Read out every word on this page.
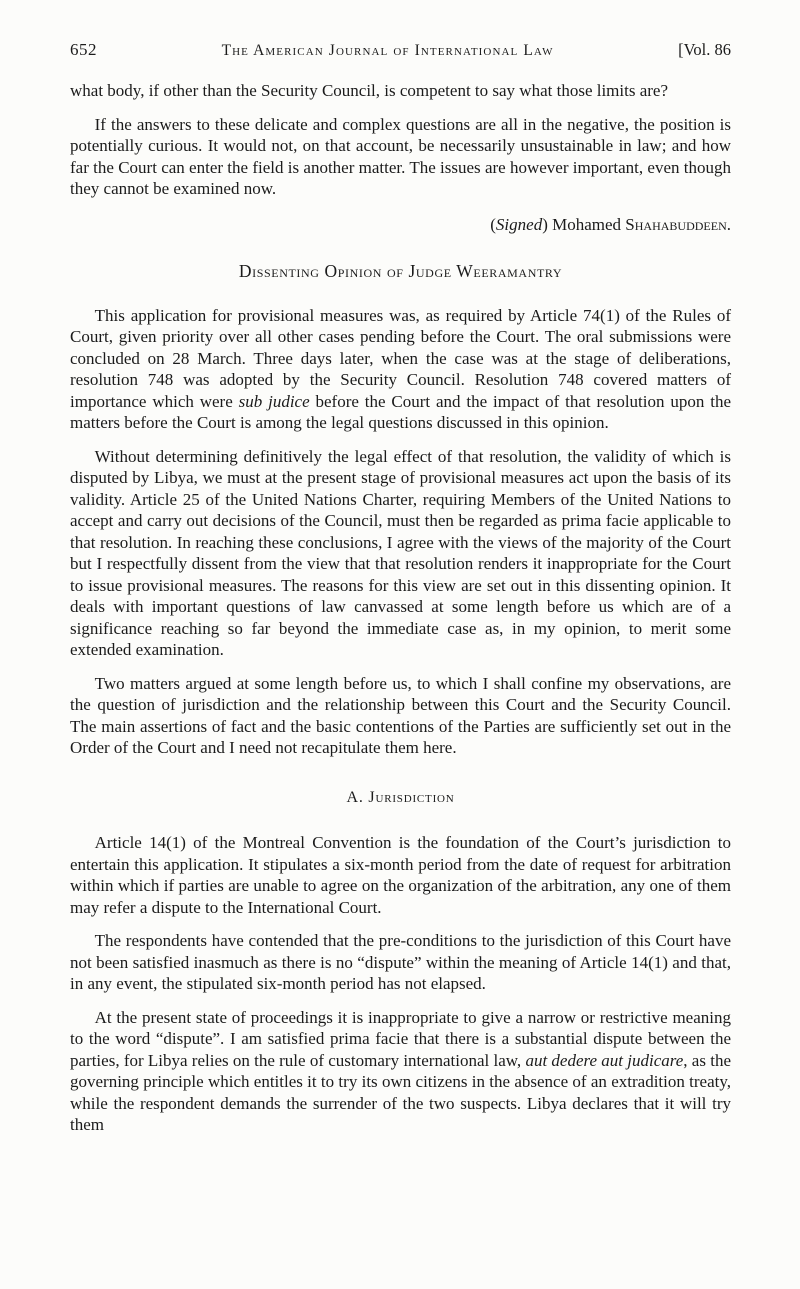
652	The American Journal of International Law	[Vol. 86

what body, if other than the Security Council, is competent to say what those limits are?

If the answers to these delicate and complex questions are all in the negative, the position is potentially curious. It would not, on that account, be necessarily unsustainable in law; and how far the Court can enter the field is another matter. The issues are however important, even though they cannot be examined now.

(Signed) Mohamed Shahabuddeen.

Dissenting Opinion of Judge Weeramantry

This application for provisional measures was, as required by Article 74(1) of the Rules of Court, given priority over all other cases pending before the Court. The oral submissions were concluded on 28 March. Three days later, when the case was at the stage of deliberations, resolution 748 was adopted by the Security Council. Resolution 748 covered matters of importance which were sub judice before the Court and the impact of that resolution upon the matters before the Court is among the legal questions discussed in this opinion.

Without determining definitively the legal effect of that resolution, the validity of which is disputed by Libya, we must at the present stage of provisional measures act upon the basis of its validity. Article 25 of the United Nations Charter, requiring Members of the United Nations to accept and carry out decisions of the Council, must then be regarded as prima facie applicable to that resolution. In reaching these conclusions, I agree with the views of the majority of the Court but I respectfully dissent from the view that that resolution renders it inappropriate for the Court to issue provisional measures. The reasons for this view are set out in this dissenting opinion. It deals with important questions of law canvassed at some length before us which are of a significance reaching so far beyond the immediate case as, in my opinion, to merit some extended examination.

Two matters argued at some length before us, to which I shall confine my observations, are the question of jurisdiction and the relationship between this Court and the Security Council. The main assertions of fact and the basic contentions of the Parties are sufficiently set out in the Order of the Court and I need not recapitulate them here.

A. Jurisdiction

Article 14(1) of the Montreal Convention is the foundation of the Court’s jurisdiction to entertain this application. It stipulates a six-month period from the date of request for arbitration within which if parties are unable to agree on the organization of the arbitration, any one of them may refer a dispute to the International Court.

The respondents have contended that the pre-conditions to the jurisdiction of this Court have not been satisfied inasmuch as there is no “dispute” within the meaning of Article 14(1) and that, in any event, the stipulated six-month period has not elapsed.

At the present state of proceedings it is inappropriate to give a narrow or restrictive meaning to the word “dispute”. I am satisfied prima facie that there is a substantial dispute between the parties, for Libya relies on the rule of customary international law, aut dedere aut judicare, as the governing principle which entitles it to try its own citizens in the absence of an extradition treaty, while the respondent demands the surrender of the two suspects. Libya declares that it will try them
